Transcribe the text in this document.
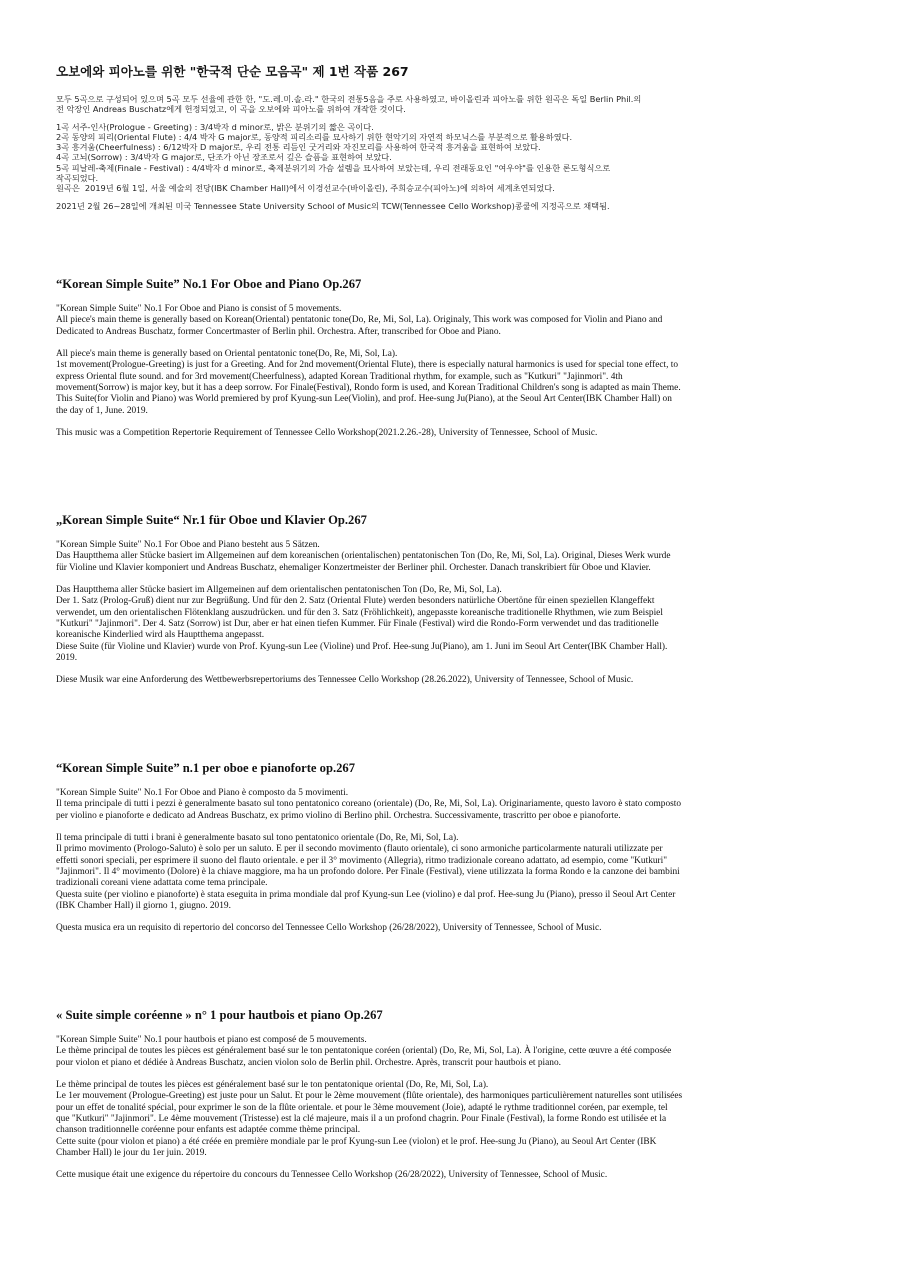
오보에와 피아노를 위한 "한국적 단순 모음곡" 제 1번 작품 267

모두 5곡으로 구성되어 있으며 5곡 모두 선율에 관한 한, "도.레.미.솔.라." 한국의 전통5음을 주로 사용하였고, 바이올린과 피아노를 위한 원곡은 독일 Berlin Phil.의
전 악장인 Andreas Buschatz에게 헌정되었고, 이 곡을 오보에와 피아노를 위하여 개작한 것이다.

1곡 서주-인사(Prologue - Greeting) : 3/4박자 d minor로, 밝은 분위기의 짧은 곡이다.
2곡 동양의 피리(Oriental Flute) : 4/4 박자 G major로, 동양적 피리소리를 묘사하기 위한 현악기의 자연적 하모닉스를 부분적으로 활용하였다.
3곡 흥겨움(Cheerfulness) : 6/12박자 D major로, 우리 전통 리듬인 굿거리와 자진모리를 사용하여 한국적 흥겨움을 표현하여 보았다.
4곡 고뇌(Sorrow) : 3/4박자 G major로, 단조가 아닌 장조로서 깊은 슬픔을 표현하여 보았다.
5곡 피날레-축제(Finale - Festival) : 4/4박자 d minor로, 축제분위기의 가슴 설렘을 묘사하여 보았는데, 우리 전래동요인 "여우야"를 인용한 론도형식으로
작곡되었다.
원곡은  2019년 6월 1일, 서울 예술의 전당(IBK Chamber Hall)에서 이경선교수(바이올린), 주희승교수(피아노)에 의하여 세계초연되었다.

2021년 2월 26~28일에 개최된 미국 Tennessee State University School of Music의 TCW(Tennessee Cello Workshop)콩쿨에 지정곡으로 채택됨.

“Korean Simple Suite” No.1 For Oboe and Piano Op.267

"Korean Simple Suite" No.1 For Oboe and Piano is consist of 5 movements.
All piece's main theme is generally based on Korean(Oriental) pentatonic tone(Do, Re, Mi, Sol, La). Originaly, This work was composed for Violin and Piano and
Dedicated to Andreas Buschatz, former Concertmaster of Berlin phil. Orchestra. After, transcribed for Oboe and Piano.

All piece's main theme is generally based on Oriental pentatonic tone(Do, Re, Mi, Sol, La).
1st movement(Prologue-Greeting) is just for a Greeting. And for 2nd movement(Oriental Flute), there is especially natural harmonics is used for special tone effect, to
express Oriental flute sound. and for 3rd movement(Cheerfulness), adapted Korean Traditional rhythm, for example, such as "Kutkuri" "Jajinmori". 4th
movement(Sorrow) is major key, but it has a deep sorrow. For Finale(Festival), Rondo form is used, and Korean Traditional Children's song is adapted as main Theme.
This Suite(for Violin and Piano) was World premiered by prof Kyung-sun Lee(Violin), and prof. Hee-sung Ju(Piano), at the Seoul Art Center(IBK Chamber Hall) on
the day of 1, June. 2019.

This music was a Competition Repertorie Requirement of Tennessee Cello Workshop(2021.2.26.-28), University of Tennessee, School of Music.

„Korean Simple Suite“ Nr.1 für Oboe und Klavier Op.267

"Korean Simple Suite" No.1 For Oboe and Piano besteht aus 5 Sätzen.
Das Hauptthema aller Stücke basiert im Allgemeinen auf dem koreanischen (orientalischen) pentatonischen Ton (Do, Re, Mi, Sol, La). Original, Dieses Werk wurde
für Violine und Klavier komponiert und Andreas Buschatz, ehemaliger Konzertmeister der Berliner phil. Orchester. Danach transkribiert für Oboe und Klavier.

Das Hauptthema aller Stücke basiert im Allgemeinen auf dem orientalischen pentatonischen Ton (Do, Re, Mi, Sol, La).
Der 1. Satz (Prolog-Gruß) dient nur zur Begrüßung. Und für den 2. Satz (Oriental Flute) werden besonders natürliche Obertöne für einen speziellen Klangeffekt
verwendet, um den orientalischen Flötenklang auszudrücken. und für den 3. Satz (Fröhlichkeit), angepasste koreanische traditionelle Rhythmen, wie zum Beispiel
"Kutkuri" "Jajinmori". Der 4. Satz (Sorrow) ist Dur, aber er hat einen tiefen Kummer. Für Finale (Festival) wird die Rondo-Form verwendet und das traditionelle
koreanische Kinderlied wird als Hauptthema angepasst.
Diese Suite (für Violine und Klavier) wurde von Prof. Kyung-sun Lee (Violine) und Prof. Hee-sung Ju(Piano), am 1. Juni im Seoul Art Center(IBK Chamber Hall).
2019.

Diese Musik war eine Anforderung des Wettbewerbsrepertoriums des Tennessee Cello Workshop (28.26.2022), University of Tennessee, School of Music.

“Korean Simple Suite” n.1 per oboe e pianoforte op.267

"Korean Simple Suite" No.1 For Oboe and Piano è composto da 5 movimenti.
Il tema principale di tutti i pezzi è generalmente basato sul tono pentatonico coreano (orientale) (Do, Re, Mi, Sol, La). Originariamente, questo lavoro è stato composto
per violino e pianoforte e dedicato ad Andreas Buschatz, ex primo violino di Berlino phil. Orchestra. Successivamente, trascritto per oboe e pianoforte.

Il tema principale di tutti i brani è generalmente basato sul tono pentatonico orientale (Do, Re, Mi, Sol, La).
Il primo movimento (Prologo-Saluto) è solo per un saluto. E per il secondo movimento (flauto orientale), ci sono armoniche particolarmente naturali utilizzate per
effetti sonori speciali, per esprimere il suono del flauto orientale. e per il 3° movimento (Allegria), ritmo tradizionale coreano adattato, ad esempio, come "Kutkuri"
"Jajinmori". Il 4° movimento (Dolore) è la chiave maggiore, ma ha un profondo dolore. Per Finale (Festival), viene utilizzata la forma Rondo e la canzone dei bambini
tradizionali coreani viene adattata come tema principale.
Questa suite (per violino e pianoforte) è stata eseguita in prima mondiale dal prof Kyung-sun Lee (violino) e dal prof. Hee-sung Ju (Piano), presso il Seoul Art Center
(IBK Chamber Hall) il giorno 1, giugno. 2019.

Questa musica era un requisito di repertorio del concorso del Tennessee Cello Workshop (26/28/2022), University of Tennessee, School of Music.

« Suite simple coréenne » n° 1 pour hautbois et piano Op.267

"Korean Simple Suite" No.1 pour hautbois et piano est composé de 5 mouvements.
Le thème principal de toutes les pièces est généralement basé sur le ton pentatonique coréen (oriental) (Do, Re, Mi, Sol, La). À l'origine, cette œuvre a été composée
pour violon et piano et dédiée à Andreas Buschatz, ancien violon solo de Berlin phil. Orchestre. Après, transcrit pour hautbois et piano.

Le thème principal de toutes les pièces est généralement basé sur le ton pentatonique oriental (Do, Re, Mi, Sol, La).
Le 1er mouvement (Prologue-Greeting) est juste pour un Salut. Et pour le 2ème mouvement (flûte orientale), des harmoniques particulièrement naturelles sont utilisées
pour un effet de tonalité spécial, pour exprimer le son de la flûte orientale. et pour le 3ème mouvement (Joie), adapté le rythme traditionnel coréen, par exemple, tel
que "Kutkuri" "Jajinmori". Le 4ème mouvement (Tristesse) est la clé majeure, mais il a un profond chagrin. Pour Finale (Festival), la forme Rondo est utilisée et la
chanson traditionnelle coréenne pour enfants est adaptée comme thème principal.
Cette suite (pour violon et piano) a été créée en première mondiale par le prof Kyung-sun Lee (violon) et le prof. Hee-sung Ju (Piano), au Seoul Art Center (IBK
Chamber Hall) le jour du 1er juin. 2019.

Cette musique était une exigence du répertoire du concours du Tennessee Cello Workshop (26/28/2022), University of Tennessee, School of Music.
